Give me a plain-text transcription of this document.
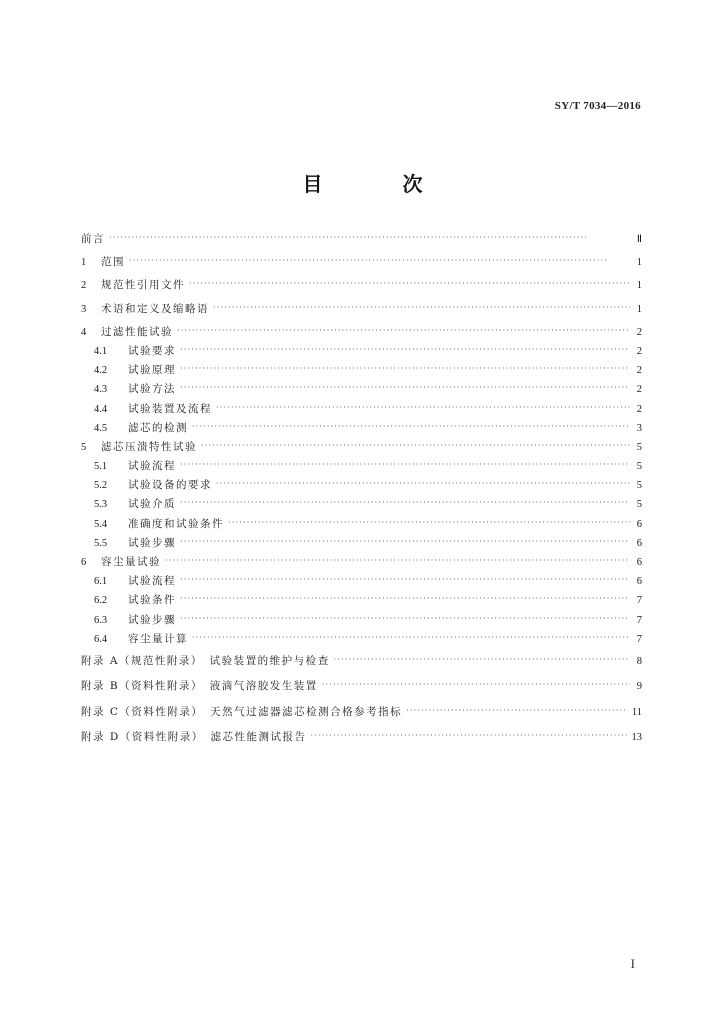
SY/T 7034—2016
目　次
前言 ·····	Ⅱ
1	范围 ·····	1
2	规范性引用文件 ·····	1
3	术语和定义及缩略语 ·····	1
4	过滤性能试验 ·····	2
4.1	试验要求 ·····	2
4.2	试验原理 ·····	2
4.3	试验方法 ·····	2
4.4	试验装置及流程 ·····	2
4.5	滤芯的检测 ·····	3
5	滤芯压溃特性试验 ·····	5
5.1	试验流程 ·····	5
5.2	试验设备的要求 ·····	5
5.3	试验介质 ·····	5
5.4	准确度和试验条件 ·····	6
5.5	试验步骤 ·····	6
6	容尘量试验 ·····	6
6.1	试验流程 ·····	6
6.2	试验条件 ·····	7
6.3	试验步骤 ·····	7
6.4	容尘量计算 ·····	7
附录 A（规范性附录）　试验装置的维护与检查 ·····	8
附录 B（资料性附录）　液滴气溶胶发生装置 ·····	9
附录 C（资料性附录）　天然气过滤器滤芯检测合格参考指标 ·····	11
附录 D（资料性附录）　滤芯性能测试报告 ·····	13
I
